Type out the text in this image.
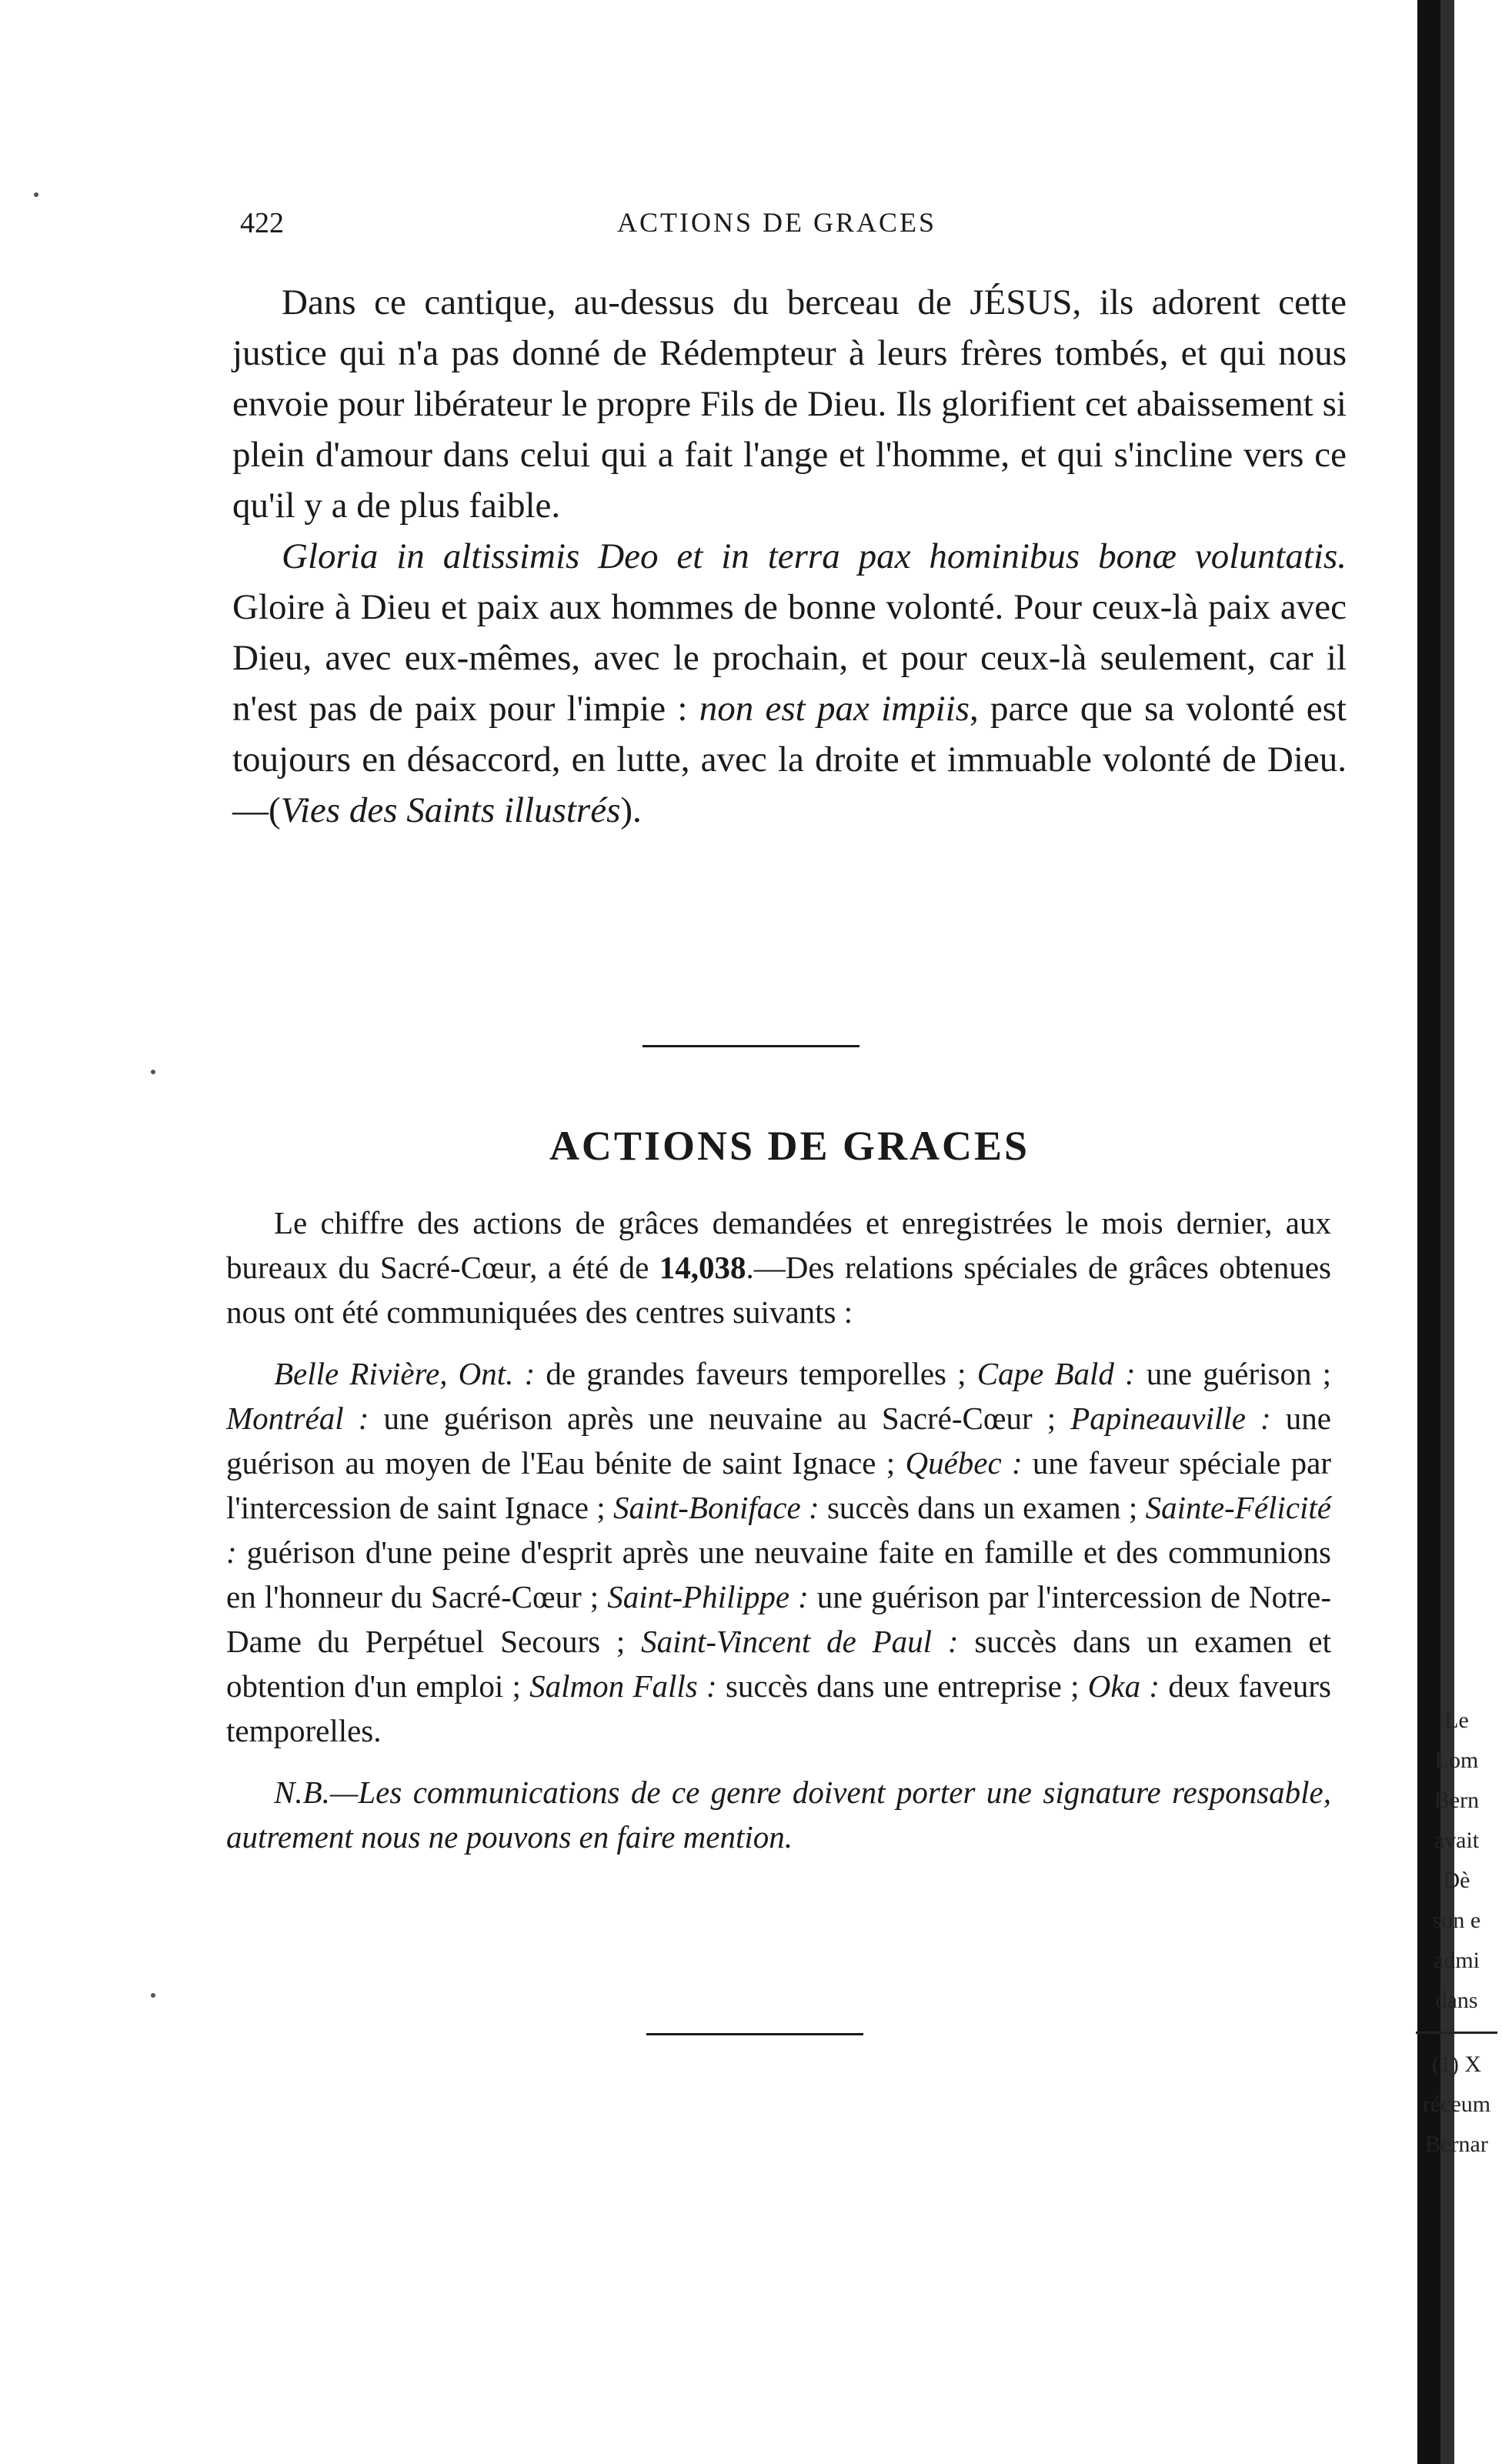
422	ACTIONS DE GRACES

Dans ce cantique, au-dessus du berceau de JÉSUS, ils adorent cette justice qui n'a pas donné de Rédempteur à leurs frères tombés, et qui nous envoie pour libérateur le propre Fils de Dieu. Ils glorifient cet abaissement si plein d'amour dans celui qui a fait l'ange et l'homme, et qui s'incline vers ce qu'il y a de plus faible.

Gloria in altissimis Deo et in terra pax hominibus bonæ voluntatis. Gloire à Dieu et paix aux hommes de bonne volonté. Pour ceux-là paix avec Dieu, avec eux-mêmes, avec le prochain, et pour ceux-là seulement, car il n'est pas de paix pour l'impie : non est pax impiis, parce que sa volonté est toujours en désaccord, en lutte, avec la droite et immuable volonté de Dieu.—(Vies des Saints illustrés).

ACTIONS DE GRACES

Le chiffre des actions de grâces demandées et enregistrées le mois dernier, aux bureaux du Sacré-Cœur, a été de 14,038.—Des relations spéciales de grâces obtenues nous ont été communiquées des centres suivants :

Belle Rivière, Ont. : de grandes faveurs temporelles ; Cape Bald : une guérison ; Montréal : une guérison après une neuvaine au Sacré-Cœur ; Papineauville : une guérison au moyen de l'Eau bénite de saint Ignace ; Québec : une faveur spéciale par l'intercession de saint Ignace ; Saint-Boniface : succès dans un examen ; Sainte-Félicité : guérison d'une peine d'esprit après une neuvaine faite en famille et des communions en l'honneur du Sacré-Cœur ; Saint-Philippe : une guérison par l'intercession de Notre-Dame du Perpétuel Secours ; Saint-Vincent de Paul : succès dans un examen et obtention d'un emploi ; Salmon Falls : succès dans une entreprise ; Oka : deux faveurs temporelles.

N.B.—Les communications de ce genre doivent porter une signature responsable, autrement nous ne pouvons en faire mention.

Le

Lom

Bern

avait

Dè

son e

admi

dans

(1) X

réceum

Bernar
